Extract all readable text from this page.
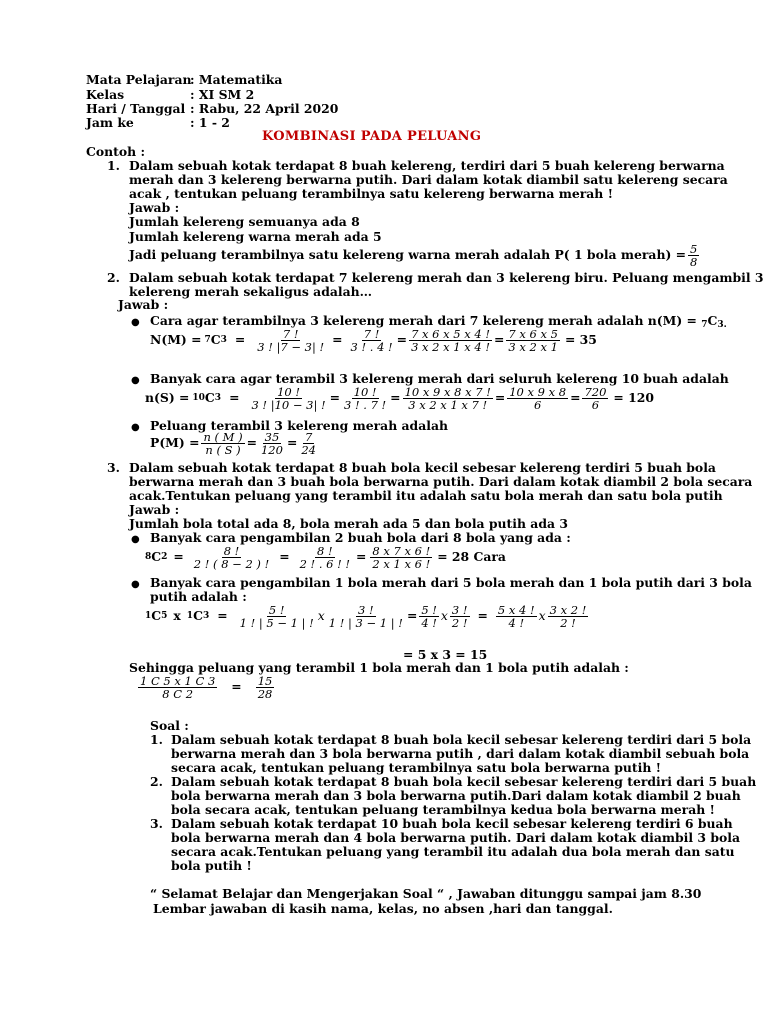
Mata Pelajaran
: Matematika
Kelas	: XI SM 2
Hari / Tanggal : Rabu, 22 April 2020
Jam ke	: 1 - 2
KOMBINASI PADA PELUANG
Contoh :
1. Dalam sebuah kotak terdapat 8 buah kelereng, terdiri dari 5 buah kelereng berwarna
merah dan 3 kelereng berwarna putih. Dari dalam kotak diambil satu kelereng secara
acak , tentukan peluang terambilnya satu kelereng berwarna merah !
Jawab :
Jumlah kelereng semuanya ada 8
Jumlah kelereng warna merah ada 5
Jadi peluang terambilnya satu kelereng warna merah adalah P( 1 bola merah) = $\frac{5}{8}$
2. Dalam sebuah kotak terdapat 7 kelereng merah dan 3 kelereng biru. Peluang mengambil 3
kelereng merah sekaligus adalah…
Jawab :
● Cara agar terambilnya 3 kelereng merah dari 7 kelereng merah adalah $n(M) = _7C_{3.}$
N(M) = 7 C $3 = \frac{7 !}{3 ! |7 - 3| !} = \frac{7 !}{3 ! . 4 !} = \frac{7 x 6 x 5 x 4 !}{3 x 2 x 1 x 4 !} = \frac{7 x 6 x 5}{3 x 2 x 1} = 35$
● Banyak cara agar terambil 3 kelereng merah dari seluruh kelereng 10 buah adalah
n(S) = 10 C $3 = \frac{10 !}{3 ! |10 - 3| !} = \frac{10 !}{3 ! . 7 !} = \frac{10 x 9 x 8 x 7 !}{3 x 2 x 1 x 7 !} = \frac{10 x 9 x 8}{6} = \frac{720}{6} = 120$
● Peluang terambil 3 kelereng merah adalah
$P(M) = \frac{n ( M )}{n ( S )} = \frac{35}{120} = \frac{7}{24}$
3. Dalam sebuah kotak terdapat 8 buah bola kecil sebesar kelereng terdiri 5 buah bola
berwarna merah dan 3 buah bola berwarna putih. Dari dalam kotak diambil 2 bola secara
acak.Tentukan peluang yang terambil itu adalah satu bola merah dan satu bola putih
Jawab :
Jumlah bola total ada 8, bola merah ada 5 dan bola putih ada 3
● Banyak cara pengambilan 2 buah bola dari 8 bola yang ada :
8 C $2 = \frac{8 !}{2 ! ( 8 - 2 ) !} = \frac{8 !}{2 ! . 6 ! !} = \frac{8 x 7 x 6 !}{2 x 1 x 6 !} = 28$ Cara
● Banyak cara pengambilan 1 bola merah dari 5 bola merah dan 1 bola putih dari 3 bola
putih adalah :
1 C 5 x 1 C $3 = \frac{5 !}{1 ! | 5 - 1 | !}$ x $\frac{3 !}{1 ! | 3 - 1 | !} = \frac{5 !}{4 !}$ x $\frac{3 !}{2 !} = \frac{5 x 4 !}{4 !}$ x $\frac{3 x 2 !}{2 !}$
= 5 x 3 = 15
Sehingga peluang yang terambil 1 bola merah dan 1 bola putih adalah :
$\frac{1 C 5 x 1 C 3}{8 C 2} = \frac{15}{28}$
Soal :
1. Dalam sebuah kotak terdapat 8 buah bola kecil sebesar kelereng terdiri dari 5 bola
berwarna merah dan 3 bola berwarna putih , dari dalam kotak diambil sebuah bola
secara acak, tentukan peluang terambilnya satu bola berwarna putih !
2. Dalam sebuah kotak terdapat 8 buah bola kecil sebesar kelereng terdiri dari 5 buah
bola berwarna merah dan 3 bola berwarna putih.Dari dalam kotak diambil 2 buah
bola secara acak, tentukan peluang terambilnya kedua bola berwarna merah !
3. Dalam sebuah kotak terdapat 10 buah bola kecil sebesar kelereng terdiri 6 buah
bola berwarna merah dan 4 bola berwarna putih. Dari dalam kotak diambil 3 bola
secara acak.Tentukan peluang yang terambil itu adalah dua bola merah dan satu
bola putih !
“ Selamat Belajar dan Mengerjakan Soal “ , Jawaban ditunggu sampai jam 8.30
Lembar jawaban di kasih nama, kelas, no absen ,hari dan tanggal.
